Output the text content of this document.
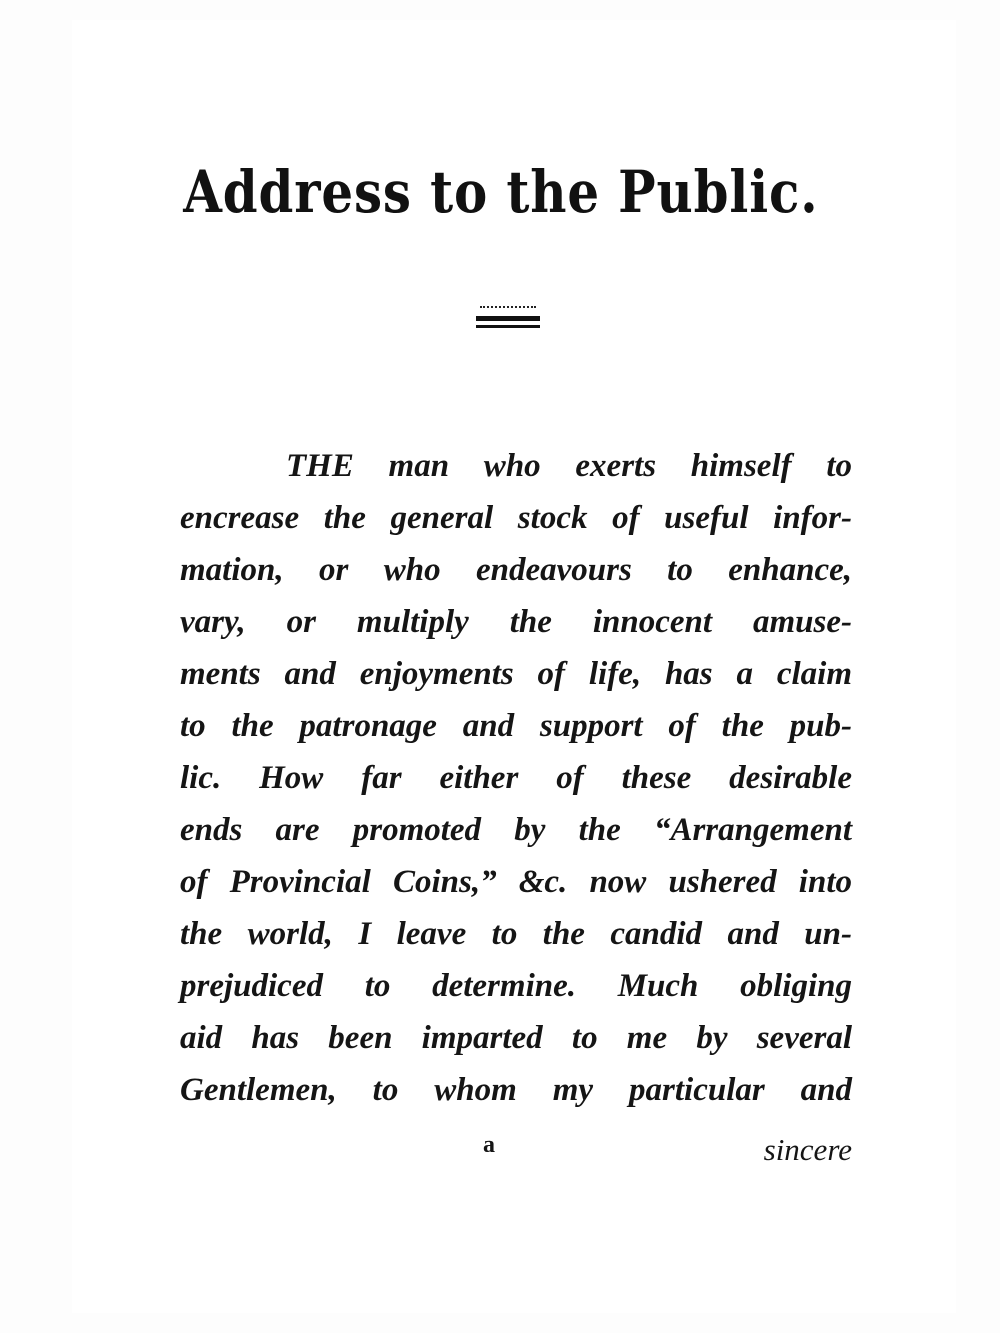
Address to the Public.
THE man who exerts himself to
encrease the general stock of useful infor-
mation, or who endeavours to enhance,
vary, or multiply the innocent amuse-
ments and enjoyments of life, has a claim
to the patronage and support of the pub-
lic. How far either of these desirable
ends are promoted by the “Arrangement
of Provincial Coins,” &c. now ushered into
the world, I leave to the candid and un-
prejudiced to determine. Much obliging
aid has been imparted to me by several
Gentlemen, to whom my particular and
a	sincere
